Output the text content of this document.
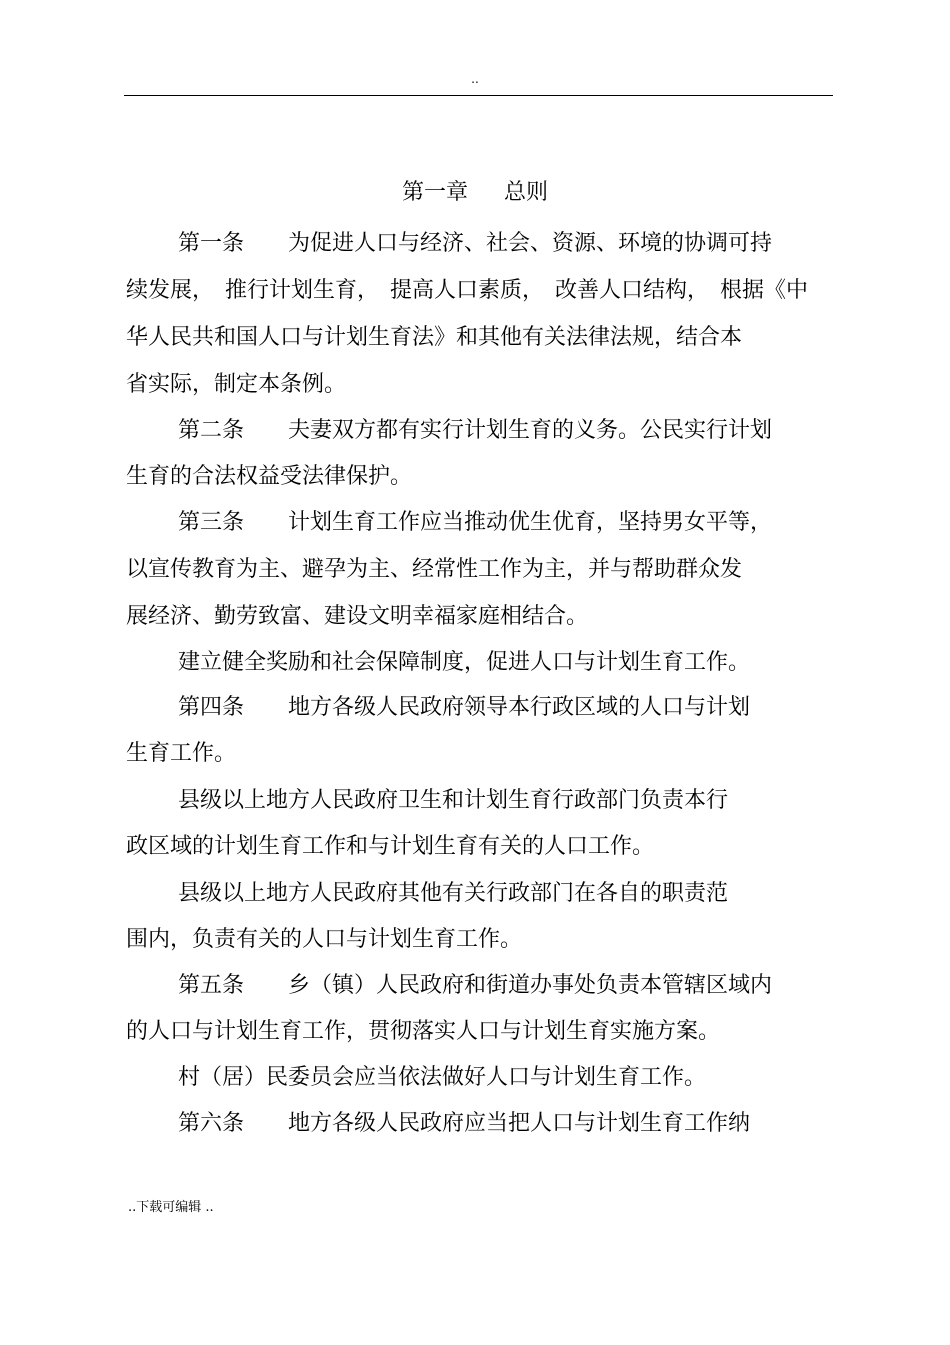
..
第一章 总则
第一条　　为促进人口与经济、社会、资源、环境的协调可持
续发展，　推行计划生育，　提高人口素质，　改善人口结构，　根据《中
华人民共和国人口与计划生育法》和其他有关法律法规，结合本
省实际，制定本条例。
第二条　　夫妻双方都有实行计划生育的义务。公民实行计划
生育的合法权益受法律保护。
第三条　　计划生育工作应当推动优生优育，坚持男女平等，
以宣传教育为主、避孕为主、经常性工作为主，并与帮助群众发
展经济、勤劳致富、建设文明幸福家庭相结合。
建立健全奖励和社会保障制度，促进人口与计划生育工作。
第四条　　地方各级人民政府领导本行政区域的人口与计划
生育工作。
县级以上地方人民政府卫生和计划生育行政部门负责本行
政区域的计划生育工作和与计划生育有关的人口工作。
县级以上地方人民政府其他有关行政部门在各自的职责范
围内，负责有关的人口与计划生育工作。
第五条　　乡（镇）人民政府和街道办事处负责本管辖区域内
的人口与计划生育工作，贯彻落实人口与计划生育实施方案。
村（居）民委员会应当依法做好人口与计划生育工作。
第六条　　地方各级人民政府应当把人口与计划生育工作纳
..下载可编辑 ..
